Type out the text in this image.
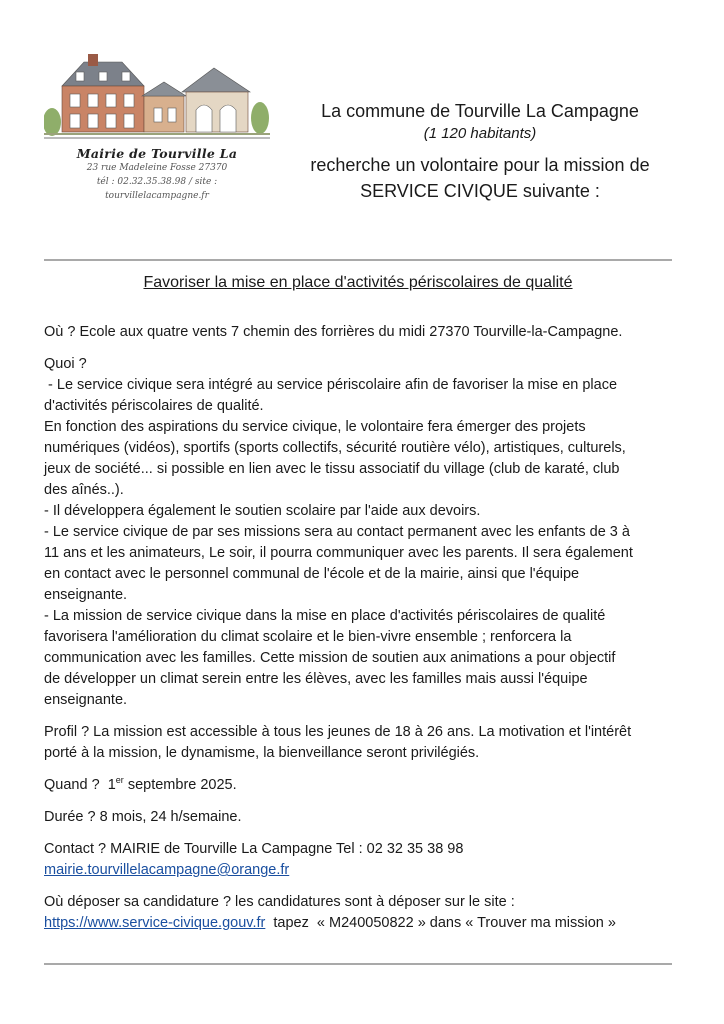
Mairie de Tourville La
23 rue Madeleine Fosse 27370
tél : 02.32.35.38.98 / site :
tourvillelacampagne.fr
La commune de Tourville La Campagne
(1 120 habitants)
recherche un volontaire pour la mission de
SERVICE CIVIQUE suivante :
Favoriser la mise en place d'activités périscolaires de qualité

Où ? Ecole aux quatre vents 7 chemin des forrières du midi 27370 Tourville-la-Campagne.

Quoi ?

- Le service civique sera intégré au service périscolaire afin de favoriser la mise en place

d'activités périscolaires de qualité.

En fonction des aspirations du service civique, le volontaire fera émerger des projets

numériques (vidéos), sportifs (sports collectifs, sécurité routière vélo), artistiques, culturels,

jeux de société... si possible en lien avec le tissu associatif du village (club de karaté, club

des aînés..).

- Il développera également le soutien scolaire par l'aide aux devoirs.

- Le service civique de par ses missions sera au contact permanent avec les enfants de 3 à

11 ans et les animateurs, Le soir, il pourra communiquer avec les parents. Il sera également

en contact avec le personnel communal de l'école et de la mairie, ainsi que l'équipe

enseignante.

- La mission de service civique dans la mise en place d'activités périscolaires de qualité

favorisera l'amélioration du climat scolaire et le bien-vivre ensemble ; renforcera la

communication avec les familles. Cette mission de soutien aux animations a pour objectif

de développer un climat serein entre les élèves, avec les familles mais aussi l'équipe

enseignante.

Profil ? La mission est accessible à tous les jeunes de 18 à 26 ans. La motivation et l'intérêt

porté à la mission, le dynamisme, la bienveillance seront privilégiés.

Quand ? 1er septembre 2025.

Durée ? 8 mois, 24 h/semaine.

Contact ? MAIRIE de Tourville La Campagne Tel : 02 32 35 38 98

mairie.tourvillelacampagne@orange.fr

Où déposer sa candidature ? les candidatures sont à déposer sur le site :

https://www.service-civique.gouv.fr  tapez  « M240050822 » dans « Trouver ma mission »
